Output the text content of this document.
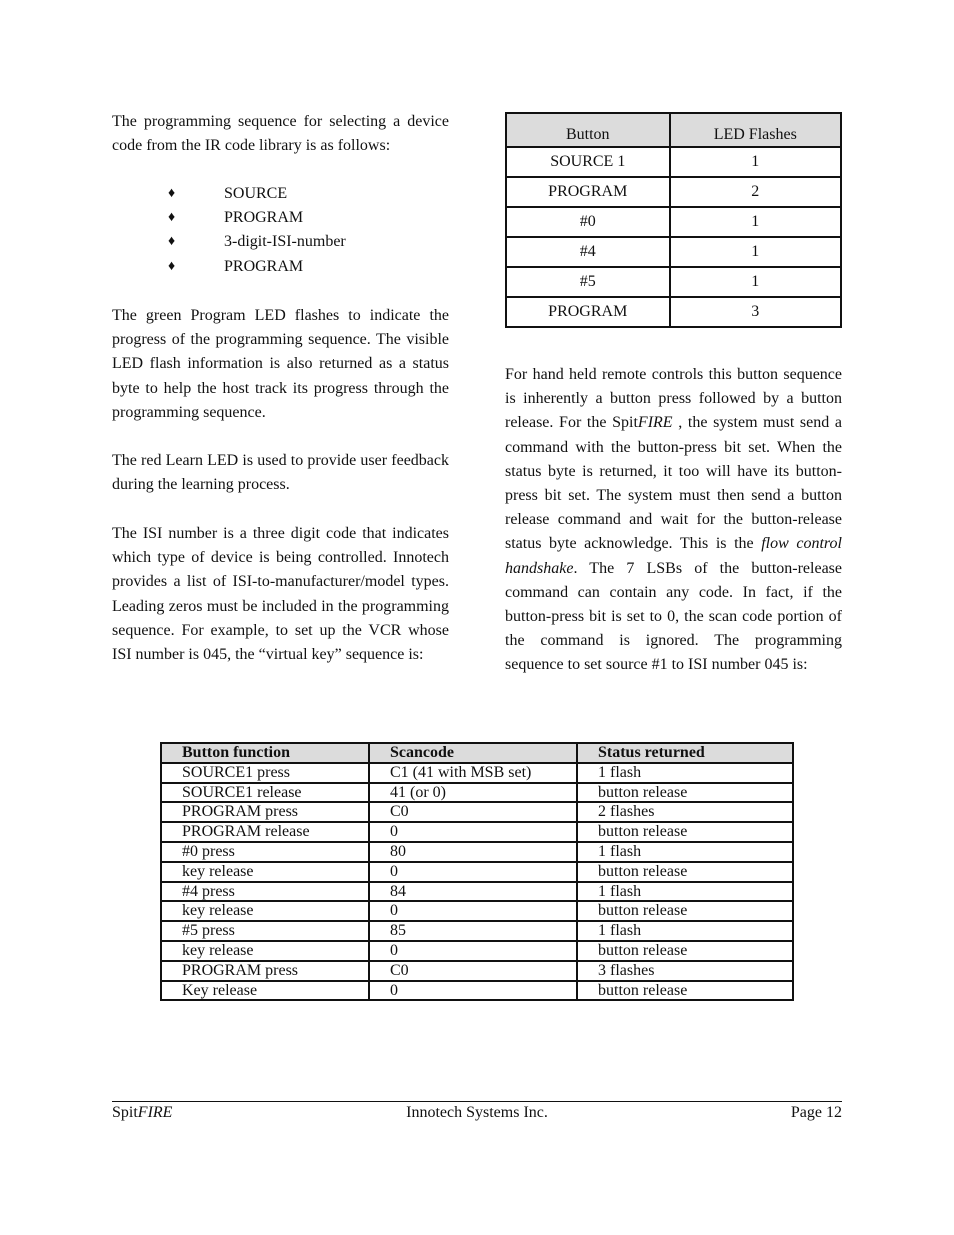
The programming sequence for selecting a device code from the IR code library is as follows:

♦	SOURCE
♦	PROGRAM
♦	3-digit-ISI-number
♦	PROGRAM

The green Program LED flashes to indicate the progress of the programming sequence. The visible LED flash information is also returned as a status byte to help the host track its progress through the programming sequence.

The red Learn LED is used to provide user feedback during the learning process.

The ISI number is a three digit code that indicates which type of device is being controlled. Innotech provides a list of ISI-to-manufacturer/model types. Leading zeros must be included in the programming sequence. For example, to set up the VCR whose ISI number is 045, the “virtual key” sequence is:

Button	LED Flashes
SOURCE 1	1
PROGRAM	2
#0	1
#4	1
#5	1
PROGRAM	3

For hand held remote controls this button sequence is inherently a button press followed by a button release. For the SpitFIRE , the system must send a command with the button-press bit set. When the status byte is returned, it too will have its button-press bit set. The system must then send a button release command and wait for the button-release status byte acknowledge. This is the flow control handshake. The 7 LSBs of the button-release command can contain any code. In fact, if the button-press bit is set to 0, the scan code portion of the command is ignored. The programming sequence to set source #1 to ISI number 045 is:

Button function	Scancode	Status returned
SOURCE1 press	C1 (41 with MSB set)	1 flash
SOURCE1 release	41 (or 0)	button release
PROGRAM press	C0	2 flashes
PROGRAM release	0	button release
#0 press	80	1 flash
key release	0	button release
#4 press	84	1 flash
key release	0	button release
#5 press	85	1 flash
key release	0	button release
PROGRAM press	C0	3 flashes
Key release	0	button release
SpitFIRE	Innotech Systems Inc.	Page 12
